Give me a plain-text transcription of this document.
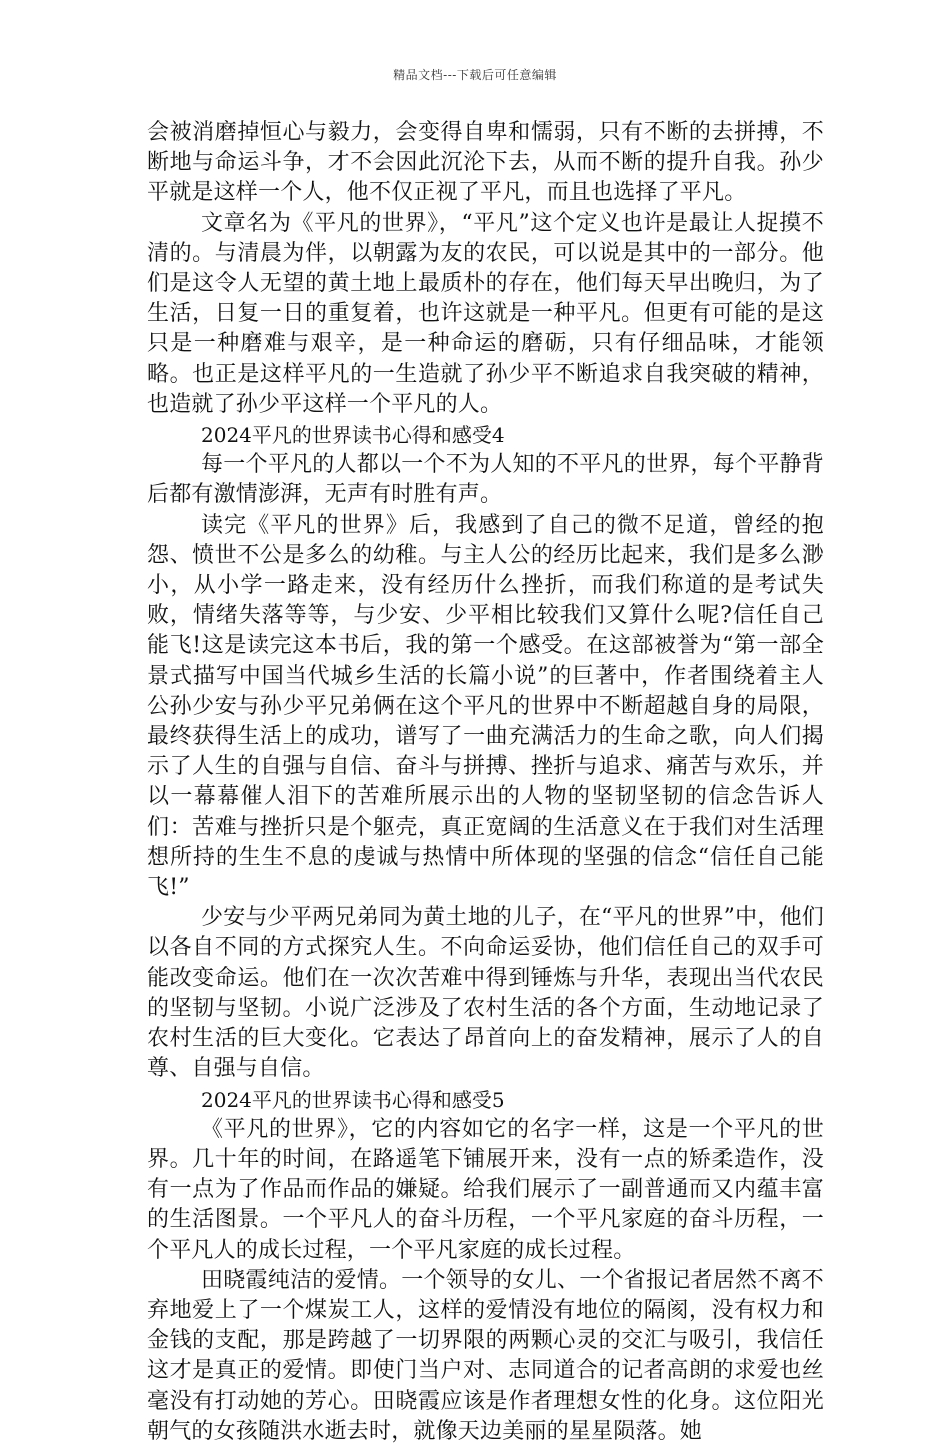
精品文档---下载后可任意编辑

会被消磨掉恒心与毅力，会变得自卑和懦弱，只有不断的去拼搏，不断地与命运斗争，才不会因此沉沦下去，从而不断的提升自我。孙少平就是这样一个人，他不仅正视了平凡，而且也选择了平凡。

文章名为《平凡的世界》，“平凡”这个定义也许是最让人捉摸不清的。与清晨为伴，以朝露为友的农民，可以说是其中的一部分。他们是这令人无望的黄土地上最质朴的存在，他们每天早出晚归，为了生活，日复一日的重复着，也许这就是一种平凡。但更有可能的是这只是一种磨难与艰辛，是一种命运的磨砺，只有仔细品味，才能领略。也正是这样平凡的一生造就了孙少平不断追求自我突破的精神，也造就了孙少平这样一个平凡的人。

2024平凡的世界读书心得和感受4

每一个平凡的人都以一个不为人知的不平凡的世界，每个平静背后都有激情澎湃，无声有时胜有声。

读完《平凡的世界》后，我感到了自己的微不足道，曾经的抱怨、愤世不公是多么的幼稚。与主人公的经历比起来，我们是多么渺小，从小学一路走来，没有经历什么挫折，而我们称道的是考试失败，情绪失落等等，与少安、少平相比较我们又算什么呢?信任自己能飞!这是读完这本书后，我的第一个感受。在这部被誉为“第一部全景式描写中国当代城乡生活的长篇小说”的巨著中，作者围绕着主人公孙少安与孙少平兄弟俩在这个平凡的世界中不断超越自身的局限，最终获得生活上的成功，谱写了一曲充满活力的生命之歌，向人们揭示了人生的自强与自信、奋斗与拼搏、挫折与追求、痛苦与欢乐，并以一幕幕催人泪下的苦难所展示出的人物的坚韧坚韧的信念告诉人们：苦难与挫折只是个躯壳，真正宽阔的生活意义在于我们对生活理想所持的生生不息的虔诚与热情中所体现的坚强的信念“信任自己能飞!”

少安与少平两兄弟同为黄土地的儿子，在“平凡的世界”中，他们以各自不同的方式探究人生。不向命运妥协，他们信任自己的双手可能改变命运。他们在一次次苦难中得到锤炼与升华，表现出当代农民的坚韧与坚韧。小说广泛涉及了农村生活的各个方面，生动地记录了农村生活的巨大变化。它表达了昂首向上的奋发精神，展示了人的自尊、自强与自信。

2024平凡的世界读书心得和感受5

《平凡的世界》，它的内容如它的名字一样，这是一个平凡的世界。几十年的时间，在路遥笔下铺展开来，没有一点的矫柔造作，没有一点为了作品而作品的嫌疑。给我们展示了一副普通而又内蕴丰富的生活图景。一个平凡人的奋斗历程，一个平凡家庭的奋斗历程，一个平凡人的成长过程，一个平凡家庭的成长过程。

田晓霞纯洁的爱情。一个领导的女儿、一个省报记者居然不离不弃地爱上了一个煤炭工人，这样的爱情没有地位的隔阂，没有权力和金钱的支配，那是跨越了一切界限的两颗心灵的交汇与吸引，我信任这才是真正的爱情。即使门当户对、志同道合的记者高朗的求爱也丝毫没有打动她的芳心。田晓霞应该是作者理想女性的化身。这位阳光朝气的女孩随洪水逝去时，就像天边美丽的星星陨落。她
